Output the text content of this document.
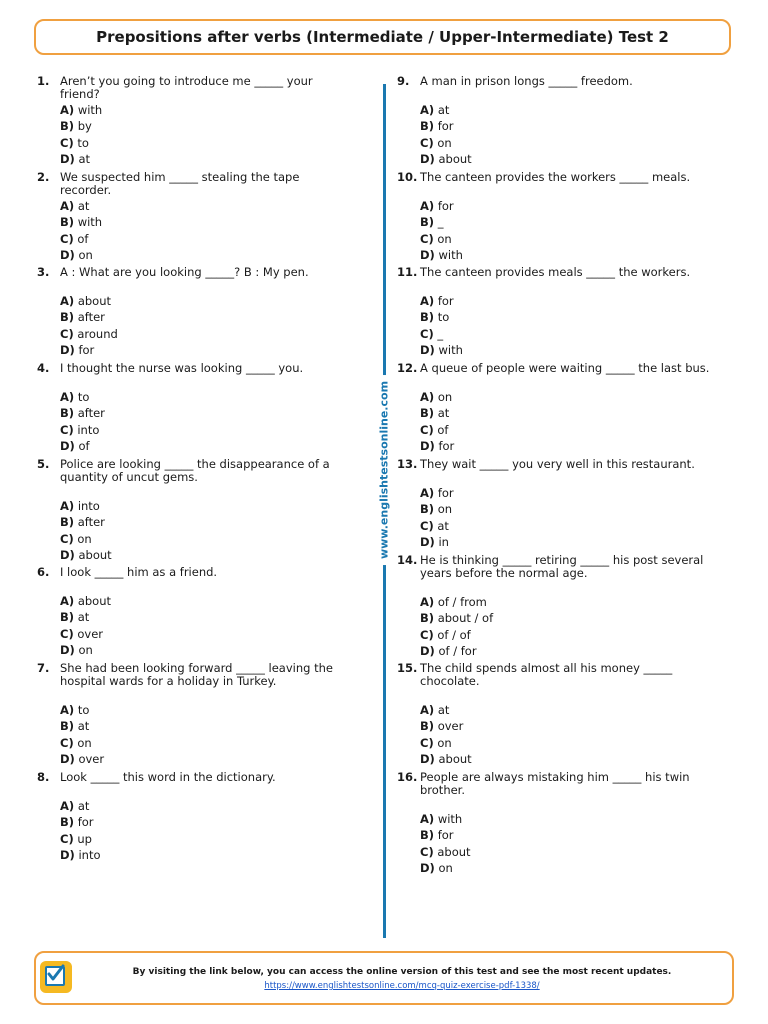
Prepositions after verbs (Intermediate / Upper-Intermediate) Test 2
www.englishtestsonline.com
1. Aren’t you going to introduce me _____ your friend?
A) with
B) by
C) to
D) at
2. We suspected him _____ stealing the tape recorder.
A) at
B) with
C) of
D) on
3. A : What are you looking _____? B : My pen.
A) about
B) after
C) around
D) for
4. I thought the nurse was looking _____ you.
A) to
B) after
C) into
D) of
5. Police are looking _____ the disappearance of a quantity of uncut gems.
A) into
B) after
C) on
D) about
6. I look _____ him as a friend.
A) about
B) at
C) over
D) on
7. She had been looking forward _____ leaving the hospital wards for a holiday in Turkey.
A) to
B) at
C) on
D) over
8. Look _____ this word in the dictionary.
A) at
B) for
C) up
D) into
9. A man in prison longs _____ freedom.
A) at
B) for
C) on
D) about
10. The canteen provides the workers _____ meals.
A) for
B) _
C) on
D) with
11. The canteen provides meals _____ the workers.
A) for
B) to
C) _
D) with
12. A queue of people were waiting _____ the last bus.
A) on
B) at
C) of
D) for
13. They wait _____ you very well in this restaurant.
A) for
B) on
C) at
D) in
14. He is thinking _____ retiring _____ his post several years before the normal age.
A) of / from
B) about / of
C) of / of
D) of / for
15. The child spends almost all his money _____ chocolate.
A) at
B) over
C) on
D) about
16. People are always mistaking him _____ his twin brother.
A) with
B) for
C) about
D) on
By visiting the link below, you can access the online version of this test and see the most recent updates.
https://www.englishtestsonline.com/mcq-quiz-exercise-pdf-1338/
